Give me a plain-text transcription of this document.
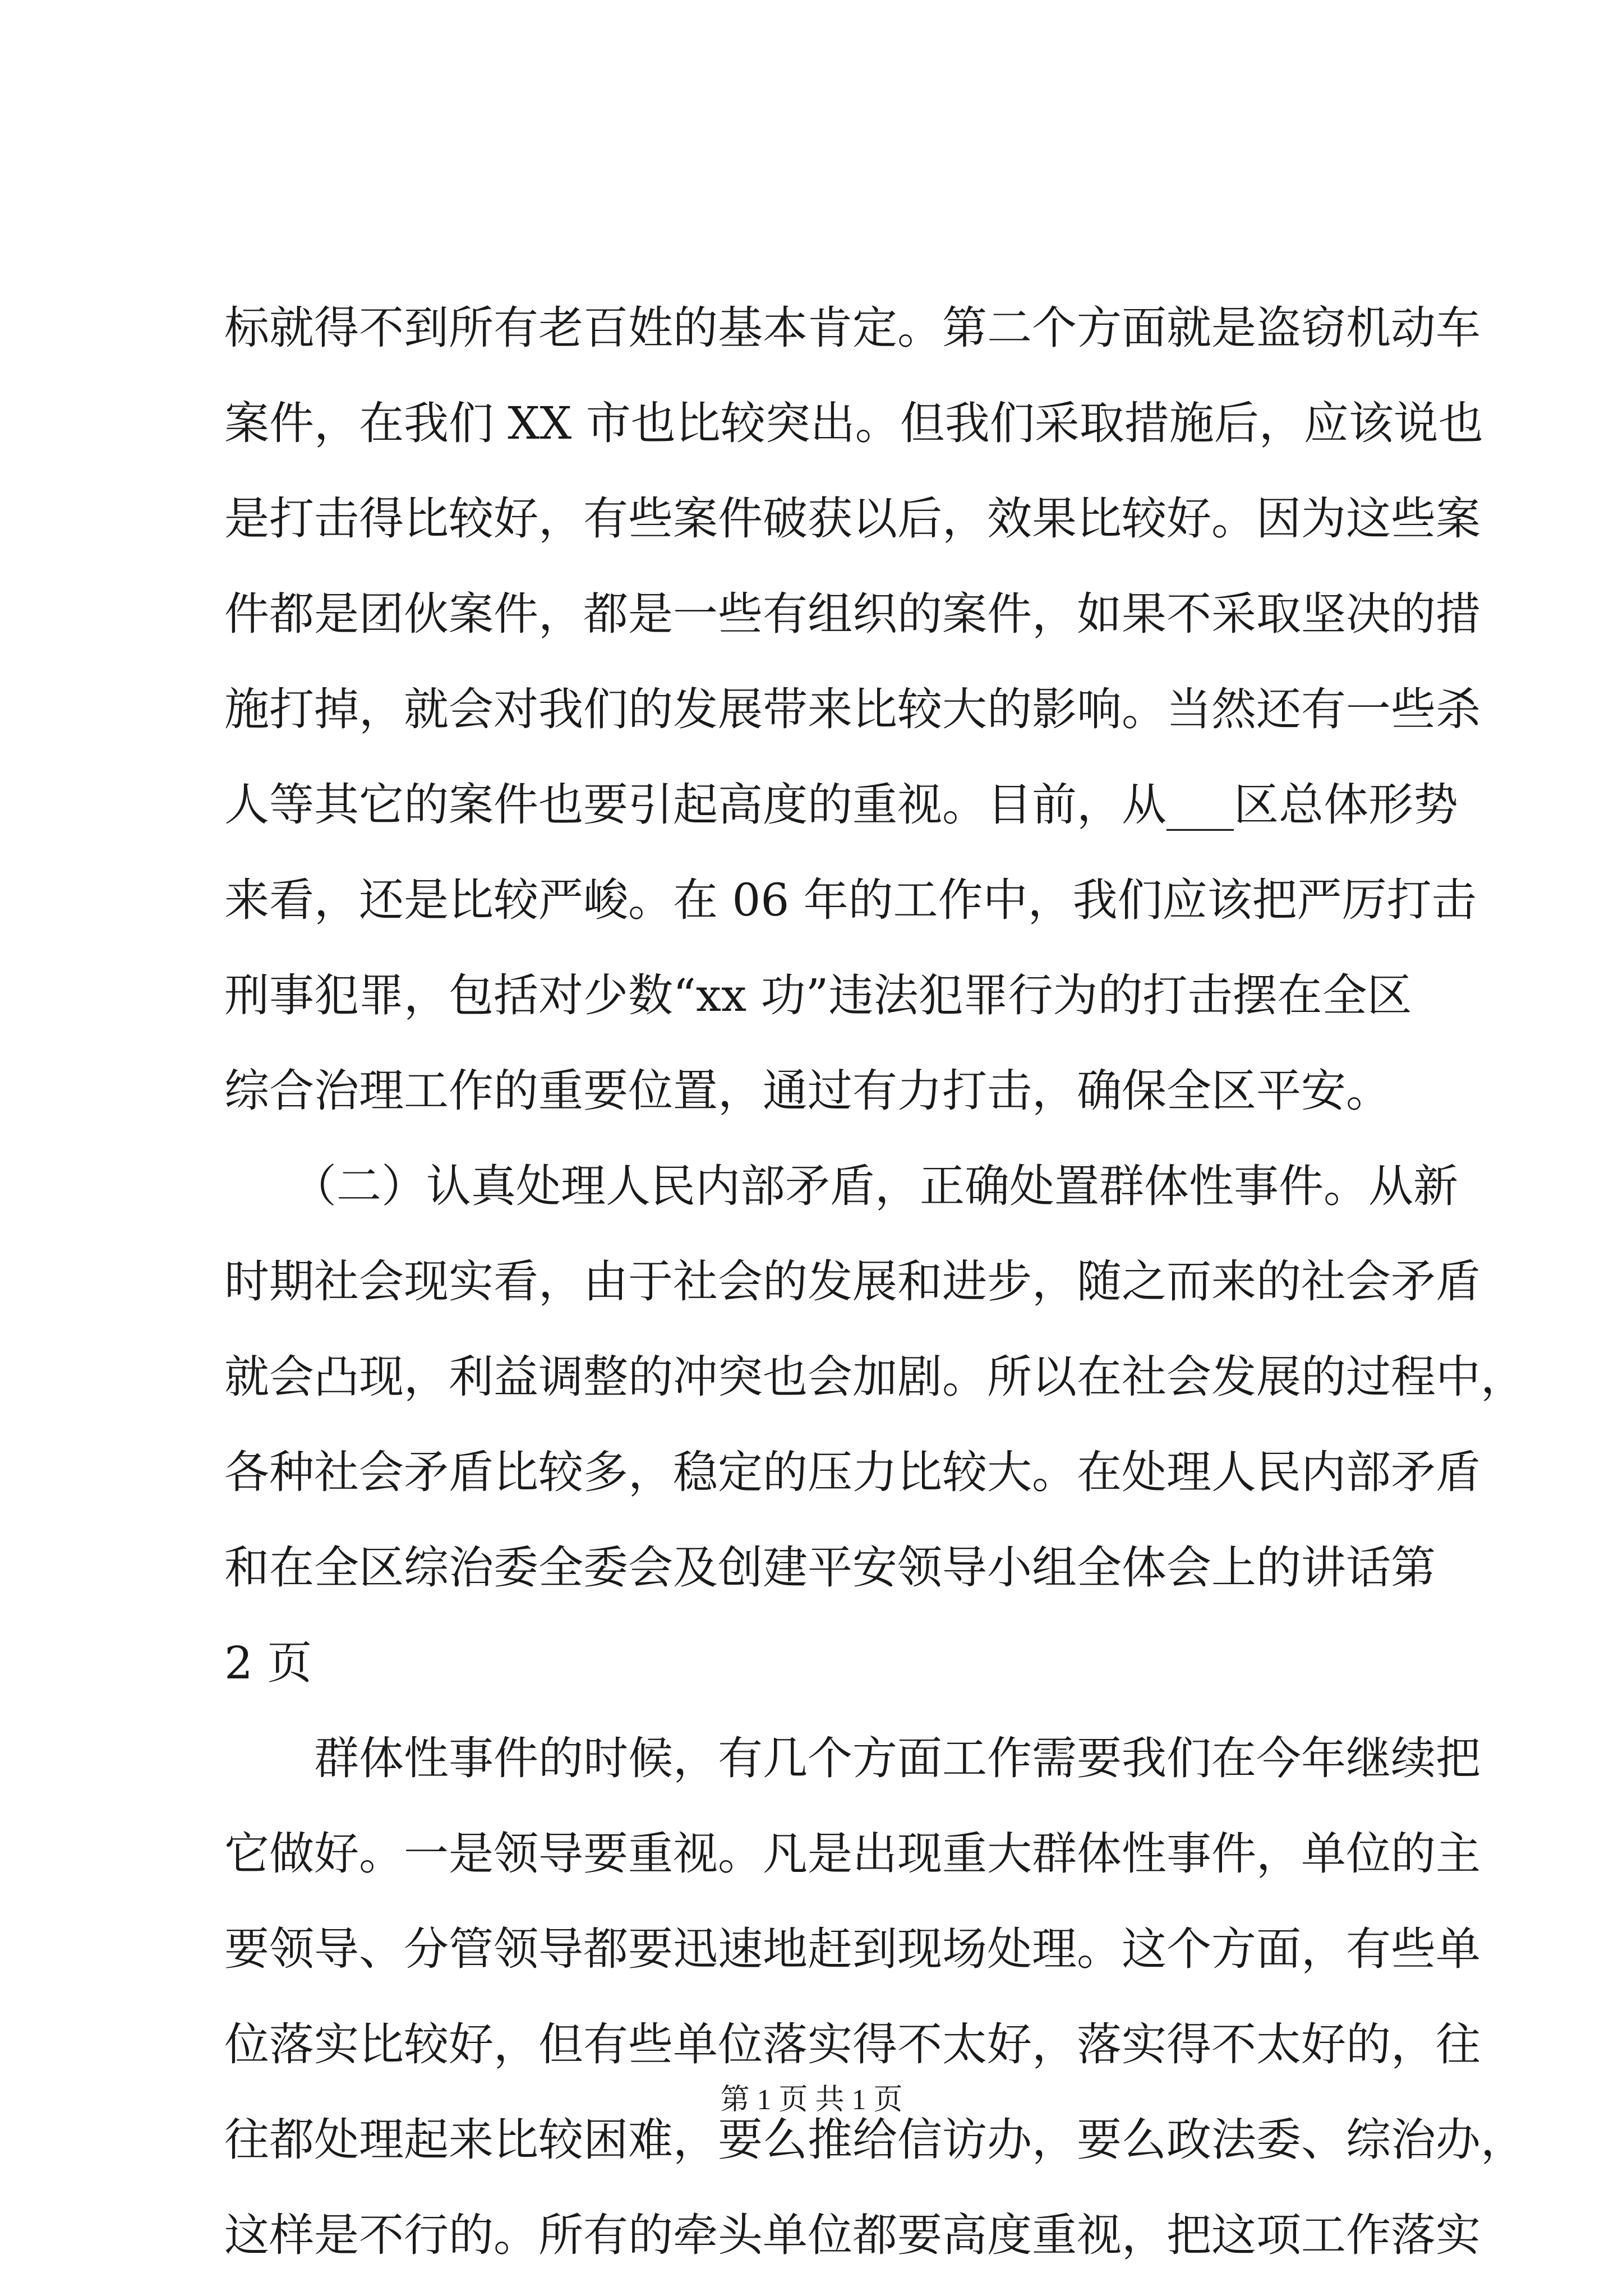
标就得不到所有老百姓的基本肯定。第二个方面就是盗窃机动车
案件，在我们 XX 市也比较突出。但我们采取措施后，应该说也
是打击得比较好，有些案件破获以后，效果比较好。因为这些案
件都是团伙案件，都是一些有组织的案件，如果不采取坚决的措
施打掉，就会对我们的发展带来比较大的影响。当然还有一些杀
人等其它的案件也要引起高度的重视。目前，从___区总体形势
来看，还是比较严峻。在 06 年的工作中，我们应该把严厉打击
刑事犯罪，包括对少数“xx 功”违法犯罪行为的打击摆在全区
综合治理工作的重要位置，通过有力打击，确保全区平安。
　　（二）认真处理人民内部矛盾，正确处置群体性事件。从新
时期社会现实看，由于社会的发展和进步，随之而来的社会矛盾
就会凸现，利益调整的冲突也会加剧。所以在社会发展的过程中，
各种社会矛盾比较多，稳定的压力比较大。在处理人民内部矛盾
和在全区综治委全委会及创建平安领导小组全体会上的讲话第
2 页
　　群体性事件的时候，有几个方面工作需要我们在今年继续把
它做好。一是领导要重视。凡是出现重大群体性事件，单位的主
要领导、分管领导都要迅速地赶到现场处理。这个方面，有些单
位落实比较好，但有些单位落实得不太好，落实得不太好的，往
往都处理起来比较困难，要么推给信访办，要么政法委、综治办，
这样是不行的。所有的牵头单位都要高度重视，把这项工作落实
第 1 页 共 1 页
